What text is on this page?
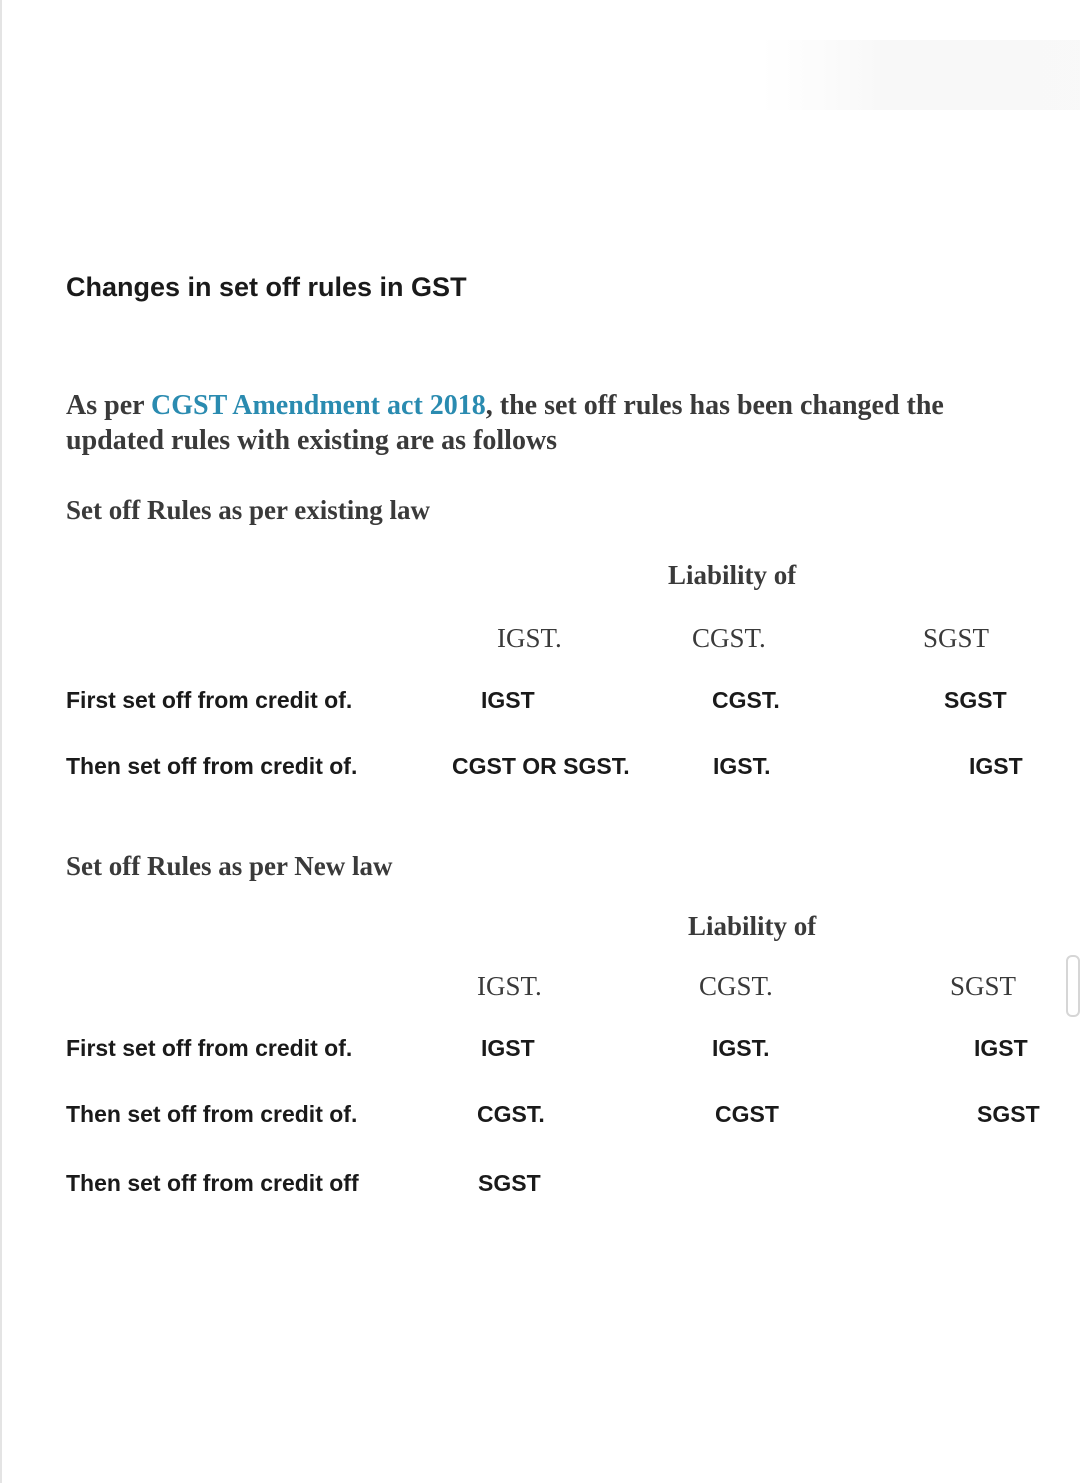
Changes in set off rules in GST
As per CGST Amendment act 2018, the set off rules has been changed the
updated rules with existing are as follows
Set off Rules as per existing law
Liability of
IGST.	CGST.	SGST
First set off from credit of.	IGST	CGST.	SGST
Then set off from credit of.	CGST OR SGST.	IGST.	IGST
Set off Rules as per New law
Liability of
IGST.	CGST.	SGST
First set off from credit of.	IGST	IGST.	IGST
Then set off from credit of.	CGST.	CGST	SGST
Then set off from credit off	SGST
